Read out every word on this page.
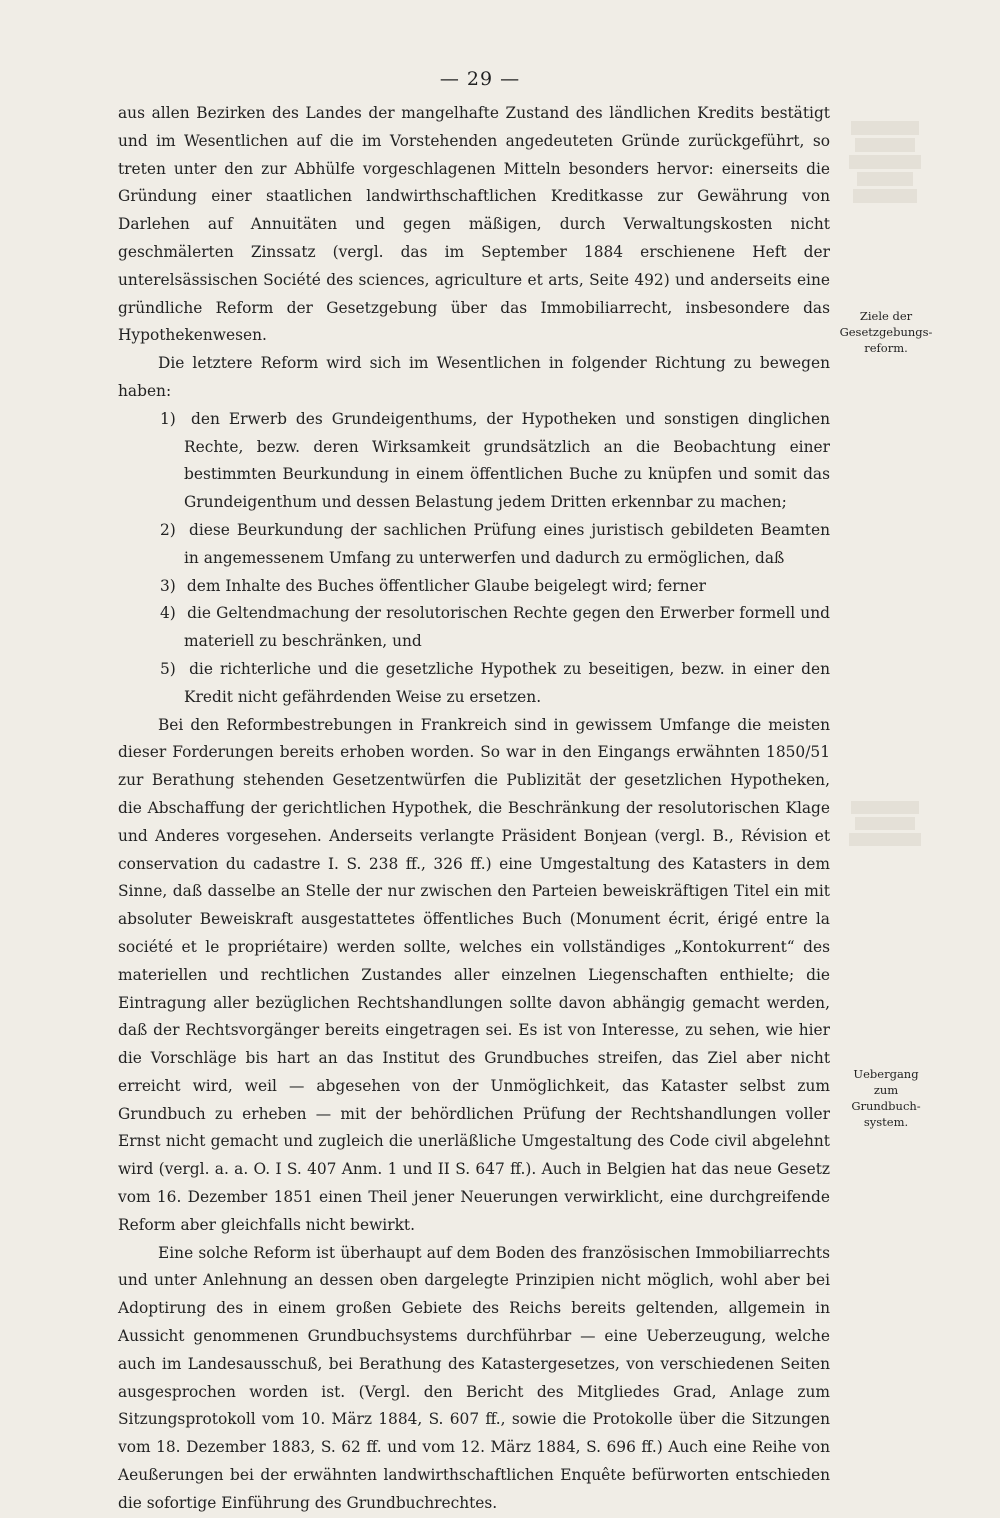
— 29 —
Ziele der
Gesetzgebungs-
reform.
Uebergang
zum
Grundbuch-
system.

aus allen Bezirken des Landes der mangelhafte Zustand des ländlichen Kredits bestätigt und im Wesentlichen auf die im Vorstehenden angedeuteten Gründe zurückgeführt, so treten unter den zur Abhülfe vorgeschlagenen Mitteln besonders hervor: einerseits die Gründung einer staatlichen landwirthschaftlichen Kreditkasse zur Gewährung von Darlehen auf Annuitäten und gegen mäßigen, durch Verwaltungskosten nicht geschmälerten Zinssatz (vergl. das im September 1884 erschienene Heft der unterelsässischen Société des sciences, agriculture et arts, Seite 492) und anderseits eine gründliche Reform der Gesetzgebung über das Immobiliarrecht, insbesondere das Hypothekenwesen.

Die letztere Reform wird sich im Wesentlichen in folgender Richtung zu bewegen haben:

1) den Erwerb des Grundeigenthums, der Hypotheken und sonstigen dinglichen Rechte, bezw. deren Wirksamkeit grundsätzlich an die Beobachtung einer bestimmten Beurkundung in einem öffentlichen Buche zu knüpfen und somit das Grundeigenthum und dessen Belastung jedem Dritten erkennbar zu machen;

2) diese Beurkundung der sachlichen Prüfung eines juristisch gebildeten Beamten in angemessenem Umfang zu unterwerfen und dadurch zu ermöglichen, daß

3) dem Inhalte des Buches öffentlicher Glaube beigelegt wird; ferner

4) die Geltendmachung der resolutorischen Rechte gegen den Erwerber formell und materiell zu beschränken, und

5) die richterliche und die gesetzliche Hypothek zu beseitigen, bezw. in einer den Kredit nicht gefährdenden Weise zu ersetzen.

Bei den Reformbestrebungen in Frankreich sind in gewissem Umfange die meisten dieser Forderungen bereits erhoben worden. So war in den Eingangs erwähnten 1850/51 zur Berathung stehenden Gesetzentwürfen die Publizität der gesetzlichen Hypotheken, die Abschaffung der gerichtlichen Hypothek, die Beschränkung der resolutorischen Klage und Anderes vorgesehen. Anderseits verlangte Präsident Bonjean (vergl. B., Révision et conservation du cadastre I. S. 238 ff., 326 ff.) eine Umgestaltung des Katasters in dem Sinne, daß dasselbe an Stelle der nur zwischen den Parteien beweiskräftigen Titel ein mit absoluter Beweiskraft ausgestattetes öffentliches Buch (Monument écrit, érigé entre la société et le propriétaire) werden sollte, welches ein vollständiges „Kontokurrent“ des materiellen und rechtlichen Zustandes aller einzelnen Liegenschaften enthielte; die Eintragung aller bezüglichen Rechtshandlungen sollte davon abhängig gemacht werden, daß der Rechtsvorgänger bereits eingetragen sei. Es ist von Interesse, zu sehen, wie hier die Vorschläge bis hart an das Institut des Grundbuches streifen, das Ziel aber nicht erreicht wird, weil — abgesehen von der Unmöglichkeit, das Kataster selbst zum Grundbuch zu erheben — mit der behördlichen Prüfung der Rechtshandlungen voller Ernst nicht gemacht und zugleich die unerläßliche Umgestaltung des Code civil abgelehnt wird (vergl. a. a. O. I S. 407 Anm. 1 und II S. 647 ff.). Auch in Belgien hat das neue Gesetz vom 16. Dezember 1851 einen Theil jener Neuerungen verwirklicht, eine durchgreifende Reform aber gleichfalls nicht bewirkt.

Eine solche Reform ist überhaupt auf dem Boden des französischen Immobiliarrechts und unter Anlehnung an dessen oben dargelegte Prinzipien nicht möglich, wohl aber bei Adoptirung des in einem großen Gebiete des Reichs bereits geltenden, allgemein in Aussicht genommenen Grundbuchsystems durchführbar — eine Ueberzeugung, welche auch im Landesausschuß, bei Berathung des Katastergesetzes, von verschiedenen Seiten ausgesprochen worden ist. (Vergl. den Bericht des Mitgliedes Grad, Anlage zum Sitzungsprotokoll vom 10. März 1884, S. 607 ff., sowie die Protokolle über die Sitzungen vom 18. Dezember 1883, S. 62 ff. und vom 12. März 1884, S. 696 ff.) Auch eine Reihe von Aeußerungen bei der erwähnten landwirthschaftlichen Enquête befürworten entschieden die sofortige Einführung des Grundbuchrechtes.
